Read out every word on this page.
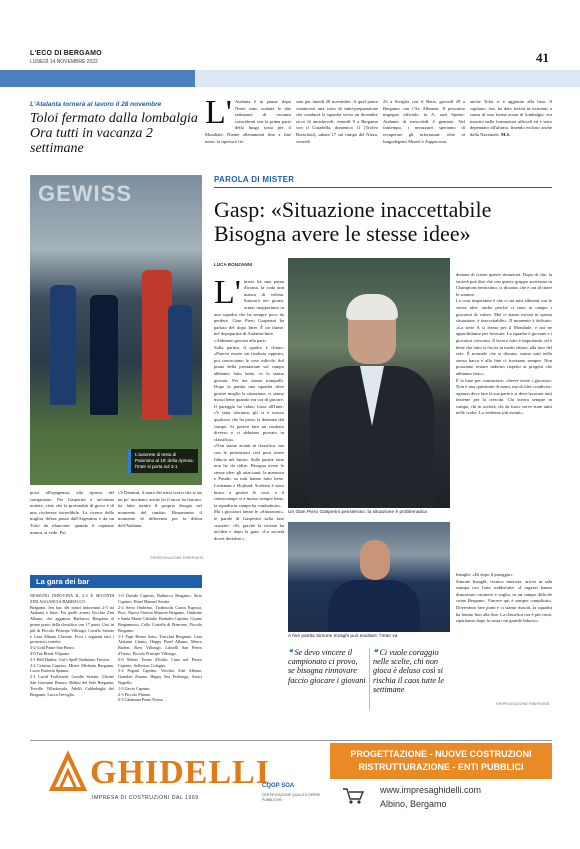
L'ECO DI BERGAMO
LUNEDÌ 14 NOVEMBRE 2022	41
L'Atalanta tornerà al lavoro il 28 novembre
Toloi fermato dalla lombalgia Ora tutti in vacanza 2 settimane
L' Atalanta è in pausa: dopo l'Inter sono scattate le due settimane di vacanza coincidenti con la prima parte della lunga sosta per il Mondiale. Niente allenamenti fino a fine mese: la ripresa è fis-
sata per lunedì 28 novembre. A quel punto comincerà una sorta di mini-preparazione che condurrà la squadra verso un dicembre ricco di amichevoli: venerdì 9 a Bergamo con il Cittadella, domenica 11 (Trofeo Bortolotti), sabato 17 sul campo del Nizza, venerdì
23 a Siviglia con il Betis, giovedì 29 a Bergamo con l'Az Alkmaar. Il prossimo impegno ufficiale, in A, sarà Spezia-Atalanta di mercoledì 4 gennaio. Nel frattempo, i nerazzurri speranno di recuperare gli infortunati: oltre ai lungodegenti Muriel e Zappacosta,
anche Toloi si è aggiunto alla lista. Il capitano, ieri, ha dato forfait in extremis a causa di una forma acuta di lombalgia: era inserito nelle formazioni ufficiali ed è stato depennato all'ultimo, finendo escluso anche dalla Nazionale. M.S.
GEWISS
L'autorete di testa di Palomino al 16' della ripresa: l'Inter si porta sul 3-1
porsi all'opagemia, alla ripresa del campionato. Per Gasperini è un'ottima notizia, visto che la profondità di gioco è di una ricchezza incredibile. La ricerca della miglior difesa passa dall'Argentina e da un Toloi da rilanciare: quando il capitano manca, si vede. Poi
c'è Demiral, il muro dei mesi scorsi che si sta un po' incrinato: anche lei il turco ha faticato, ha fatto intuire il proprio disagio nel momento del cambio. Rimarranno il momento di differenza per la difesa dell'Atalanta.
©RIPRODUZIONE RISERVATA
La gara dei bar
NESSUNO INDOVINA IL 2-3 E SECONDI ZINI AGGANCIA BARBACCO
Bergamo. Ieri bar, dei nostri indovinati 2-3 tra Atalanta e Inter. Fra quelli avanti Vecchio Zini Albano, che aggancia Barbacco Bergamo al primo posto della classifica con 17 punti. Uno in più di Piccolo Principe Villongo, Corallo Seriate e Casa Albano Clusone. Ecco i seguenti tutti i pronostici corretti:
3-2 Gold Pante San Pietro.
4-0 Tea Break Vilpiano.
3-1 Hall Harbor, Giri's Spell Ombriano Treviso.
3-2 Cristina Caprino, Mister Michetta Bergamo, Lucio Fonteria Spanno.
2-1 Lucid Trafficanti, Corallo Seriate, Glicine San Giovanni Bianco, Bellini del Sole Bergamo, Treville Villadossola, Adelfi Calderbaghi del Bergamo, Lucca Treviglio.
1-0 Davide Caprino, Barbacco Bergamo, Sirio Caprino, Hotel Manuel Seriate.
2-2 Serio Ombrino, Tiraboschi Cazza Esposia, Pico, Nuova Osteria Mastore Bergamo, Ombrino e Santa Maria Calimbe, Barbafin Caprino, Cisano Bergamasco, Cello Costella di Pinerone, Piccolo Bergamo.
1-1 Pape Bruno Sotto, Trucchia Bergamo, Casa Atalanta Cisano, Happy Pinel Albano, Marco Badesi, Rovi Villongo, Luiselli San Pietro d'Orzio, Piccolo Principe Villongo.
0-0 Mister Terme d'Italia, Luna nel Pozzo Caprino, Sollevino Cologno.
5-2 Pogani Caprino, Vecchio Zini Albano, Giandon Zinano, Happy Sea Pedesega, Amici Napollo.
1-3 Gavio Caprino.
2-3 Piccolo Pluono.
0-3 Calamina Ponte Nossa.
PAROLA DI MISTER
Gasp: «Situazione inaccettabile Bisogna avere le stesse idee»
LUCA BONZANNI

L' inizio ha una punta d'ironia, la coda non manca di velena. Sussurrò nei giorni, ormai inopportuna in una squadra che ha sempre poco da perdere. Gian Piero Gasperini ha parlato del dopo Inter. È un fiume, nel dopopartita di Atalanta-Inter.
«Abbiamo giocato alla pari»
Sulla partita, il quadro è chiaro: «Poteva essere un risultato opposto, poi conosciamo le cose ridicole. Sul piano della prestazione sul campo abbiamo fatto bene, ce la siamo giocata. Per me siamo tranquilli. Dopo la partita una squadra deve gestire meglio la situazione, ci siamo mossi bene quando era ora di giocare. Il pareggio ha ridato forza all'Inter: c'è stata sfortuna, gli si è mosso qualcosa che ha perso la distanza dal campo. Si poteva fare un risultato diverso e ci abbiamo provato in classifica».
«Non siamo avanti in classifica, ma con le prestazioni così puoi avere fiducia nel futuro. Sulle partite fatte non ho da ridire. Bisogna avere le stesse idee: gli attaccanti, la manovra e Pasalic su tutti hanno fatto bene. Lookman e Hojlund. Scalvini è stato bravo a gestire le cose, e il centrocampo si è mosso sempre bene, la squadra in campo ha combattuto».
Ma i giocatori fanno le «Situazioni», le parole di Gasperini sulla fase cruciale: «Sì, perché la società ha un'idea e dopo la gara: «La società dovrà decidere.»

Un Gian Piero Gasperini pensieroso: la situazione è problematica
A fine partita Simone Inzaghi può esultare: l'Inter va
❝ Se devo vincere il campionato ci provo, se bisogna rinnovare faccio giocare i giovani
❝ Ci vuole coraggio nelle scelte, chi non gioca è deluso così si rischia il caos tutte le settimane
dizione di creare queste situazioni. Dopo di che, la società può dire che con questo gruppo arriviamo in Champions benissimo, ci diciamo che è ora di tirare le somme.
La cosa importante è che ci sia tutti allineati con le stesse idee, anche perché ci sono in campo i giocatori di valore. Mai ci siamo trovati in questa situazione, è inaccettabile». Il momento è delicato: «La serie A si ferma per il Mondiale, e noi ne approfittiamo per lavorare. La squadra è giovane e i giocatori crescono. Il lavoro fatto è importante, ed è bene che tutto si faccia in modo chiaro, alla luce del sole. È normale che si discuta, siamo tutti nella stessa barca e alla fine ci troviamo sempre. Non possiamo restare indietro rispetto ai progetti che abbiamo fatto».
È la base per cominciare: «Serve avere i giocatori. Non è una questione di nomi, ma di idee condivise: ognuno deve fare la sua parte e si deve lavorare tutti insieme per la crescita. Chi lavora sempre in campo, chi in società, chi da fuori: serve stare uniti nelle scelte. Lo vedremo più avanti».
Inzaghi: «Di dopo il pareggio»
Simone Inzaghi, tecnico interista, arriva in sala stampa con l'aria soddisfatta: «I ragazzi hanno dimostrato carattere e voglia, in un campo difficile come Bergamo. Vincere qui è sempre complicato. Dovevamo fare punti e ci siamo riusciti, la squadra ha lottato fino alla fine. La classifica ora è più corta, ripartiamo dopo la sosta con grande fiducia».
©RIPRODUZIONE RISERVATA
GHIDELLI
IMPRESA DI COSTRUZIONI DAL 1969
PROGETTAZIONE - NUOVE COSTRUZIONI
RISTRUTTURAZIONE - ENTI PUBBLICI
CQOP SOA
CERTIFICAZIONE QUALITÀ OPERE PUBBLICHE
www.impresaghidelli.com
Albino, Bergamo
